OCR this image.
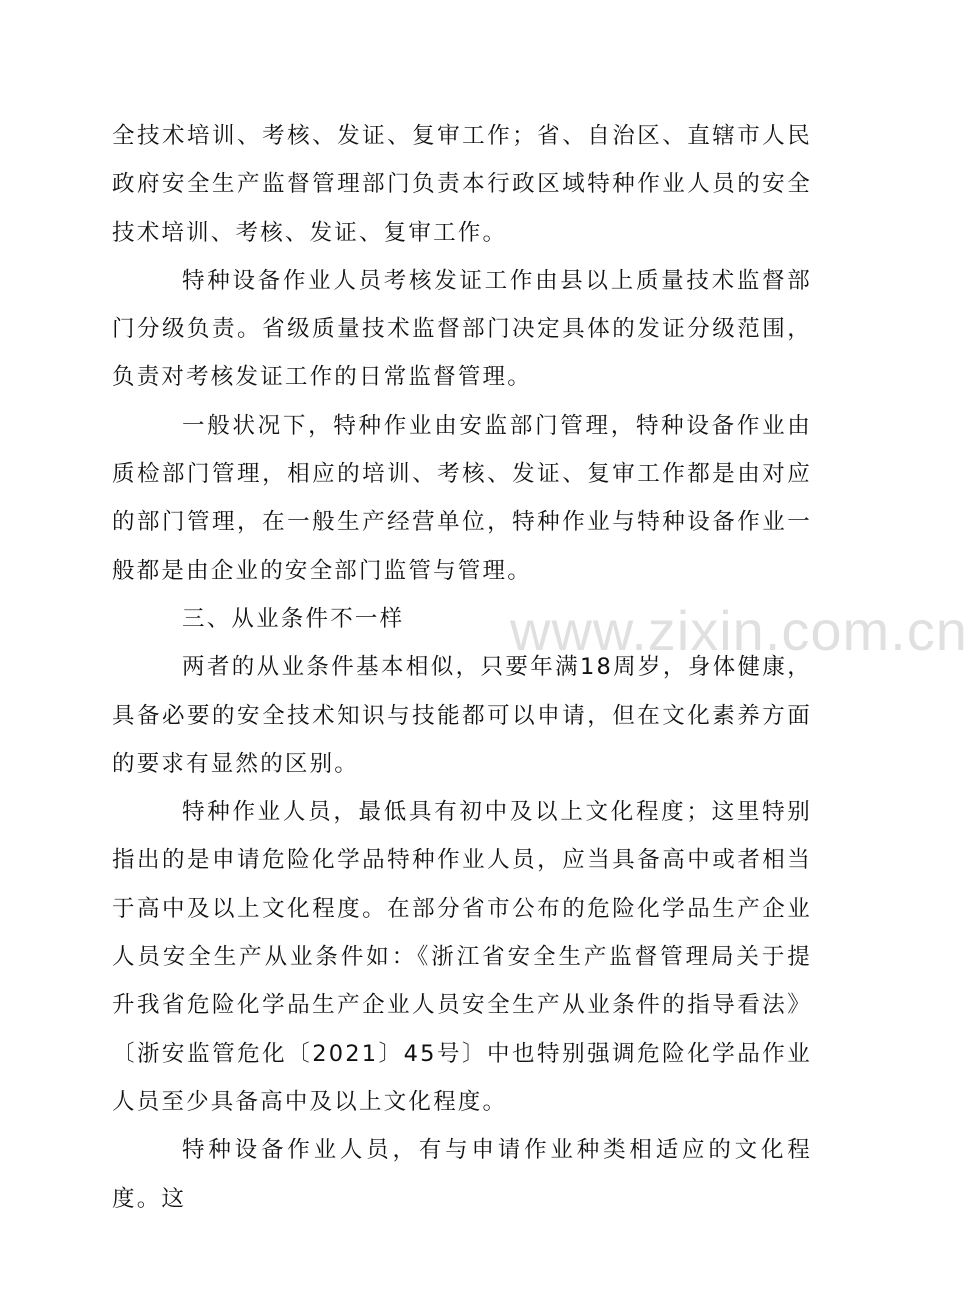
全技术培训、考核、发证、复审工作；省、自治区、直辖市人民政府安全生产监督管理部门负责本行政区域特种作业人员的安全技术培训、考核、发证、复审工作。

特种设备作业人员考核发证工作由县以上质量技术监督部门分级负责。省级质量技术监督部门决定具体的发证分级范围，负责对考核发证工作的日常监督管理。

一般状况下，特种作业由安监部门管理，特种设备作业由质检部门管理，相应的培训、考核、发证、复审工作都是由对应的部门管理，在一般生产经营单位，特种作业与特种设备作业一般都是由企业的安全部门监管与管理。

三、从业条件不一样

两者的从业条件基本相似，只要年满18周岁，身体健康，具备必要的安全技术知识与技能都可以申请，但在文化素养方面的要求有显然的区别。

特种作业人员，最低具有初中及以上文化程度；这里特别指出的是申请危险化学品特种作业人员，应当具备高中或者相当于高中及以上文化程度。在部分省市公布的危险化学品生产企业人员安全生产从业条件如：《浙江省安全生产监督管理局关于提升我省危险化学品生产企业人员安全生产从业条件的指导看法》〔浙安监管危化〔2021〕45号〕中也特别强调危险化学品作业人员至少具备高中及以上文化程度。

特种设备作业人员，有与申请作业种类相适应的文化程度。这

www.zixin.com.cn
